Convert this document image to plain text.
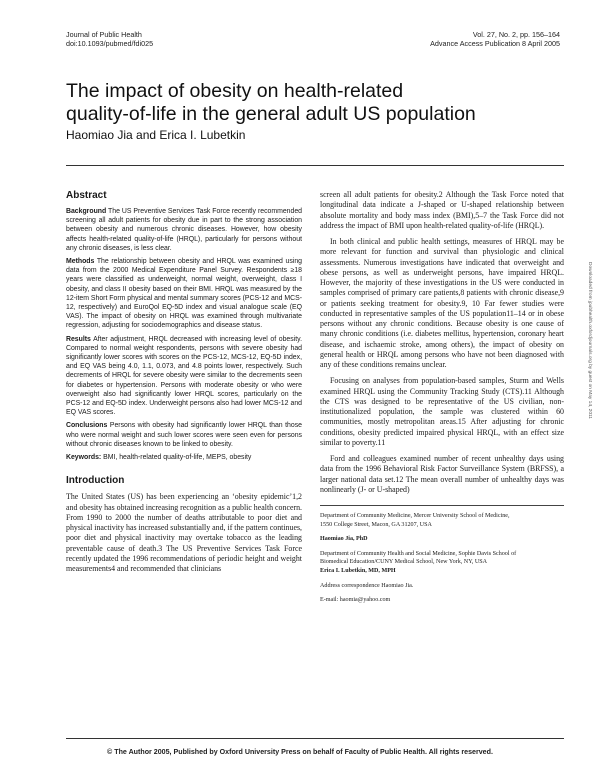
Journal of Public Health
doi:10.1093/pubmed/fdi025
Vol. 27, No. 2, pp. 156–164
Advance Access Publication 8 April 2005
The impact of obesity on health-related
quality-of-life in the general adult US population
Haomiao Jia and Erica I. Lubetkin
Abstract

Background The US Preventive Services Task Force recently recommended screening all adult patients for obesity due in part to the strong association between obesity and numerous chronic diseases. However, how obesity affects health-related quality-of-life (HRQL), particularly for persons without any chronic diseases, is less clear.

Methods The relationship between obesity and HRQL was examined using data from the 2000 Medical Expenditure Panel Survey. Respondents ≥18 years were classified as underweight, normal weight, overweight, class I obesity, and class II obesity based on their BMI. HRQL was measured by the 12-item Short Form physical and mental summary scores (PCS-12 and MCS-12, respectively) and EuroQol EQ-5D index and visual analogue scale (EQ VAS). The impact of obesity on HRQL was examined through multivariate regression, adjusting for sociodemographics and disease status.

Results After adjustment, HRQL decreased with increasing level of obesity. Compared to normal weight respondents, persons with severe obesity had significantly lower scores with scores on the PCS-12, MCS-12, EQ-5D index, and EQ VAS being 4.0, 1.1, 0.073, and 4.8 points lower, respectively. Such decrements of HRQL for severe obesity were similar to the decrements seen for diabetes or hypertension. Persons with moderate obesity or who were overweight also had significantly lower HRQL scores, particularly on the PCS-12 and EQ-5D index. Underweight persons also had lower MCS-12 and EQ VAS scores.

Conclusions Persons with obesity had significantly lower HRQL than those who were normal weight and such lower scores were seen even for persons without chronic diseases known to be linked to obesity.

Keywords: BMI, health-related quality-of-life, MEPS, obesity

Introduction

The United States (US) has been experiencing an ‘obesity epidemic’1,2 and obesity has obtained increasing recognition as a public health concern. From 1990 to 2000 the number of deaths attributable to poor diet and physical inactivity has increased substantially and, if the pattern continues, poor diet and physical inactivity may overtake tobacco as the leading preventable cause of death.3 The US Preventive Services Task Force recently updated the 1996 recommendations of periodic height and weight measurements4 and recommended that clinicians

screen all adult patients for obesity.2 Although the Task Force noted that longitudinal data indicate a J-shaped or U-shaped relationship between absolute mortality and body mass index (BMI),5–7 the Task Force did not address the impact of BMI upon health-related quality-of-life (HRQL).

In both clinical and public health settings, measures of HRQL may be more relevant for function and survival than physiologic and clinical assessments. Numerous investigations have indicated that overweight and obese persons, as well as underweight persons, have impaired HRQL. However, the majority of these investigations in the US were conducted in samples comprised of primary care patients,8 patients with chronic disease,9 or patients seeking treatment for obesity.9, 10 Far fewer studies were conducted in representative samples of the US population11–14 or in obese persons without any chronic conditions. Because obesity is one cause of many chronic conditions (i.e. diabetes mellitus, hypertension, coronary heart disease, and ischaemic stroke, among others), the impact of obesity on general health or HRQL among persons who have not been diagnosed with any of these conditions remains unclear.

Focusing on analyses from population-based samples, Sturm and Wells examined HRQL using the Community Tracking Study (CTS).11 Although the CTS was designed to be representative of the US civilian, non-institutionalized population, the sample was clustered within 60 communities, mostly metropolitan areas.15 After adjusting for chronic conditions, obesity predicted impaired physical HRQL, with an effect size similar to poverty.11

Ford and colleagues examined number of recent unhealthy days using data from the 1996 Behavioral Risk Factor Surveillance System (BRFSS), a larger national data set.12 The mean overall number of unhealthy days was nonlinearly (J- or U-shaped)

Department of Community Medicine, Mercer University School of Medicine,

1550 College Street, Macon, GA 31207, USA

Haomiao Jia, PhD

Department of Community Health and Social Medicine, Sophie Davis School of

Biomedical Education/CUNY Medical School, New York, NY, USA

Erica I. Lubetkin, MD, MPH

Address correspondence Haomiao Jia.

E-mail: haomia@yahoo.com

Downloaded from jpubhealth.oxfordjournals.org by guest on May 14, 2011
© The Author 2005, Published by Oxford University Press on behalf of Faculty of Public Health. All rights reserved.
